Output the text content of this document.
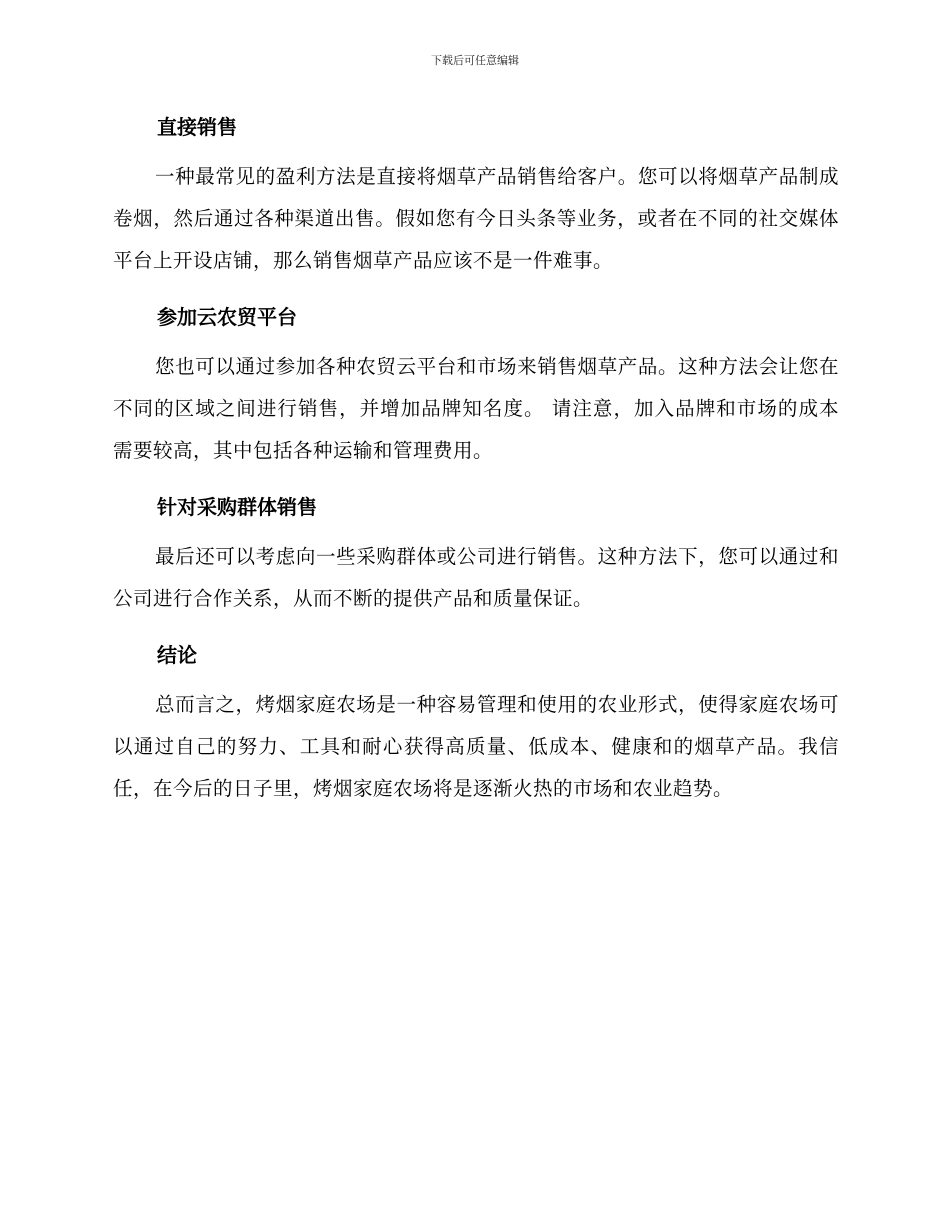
下载后可任意编辑
直接销售

一种最常见的盈利方法是直接将烟草产品销售给客户。您可以将烟草产品制成卷烟，然后通过各种渠道出售。假如您有今日头条等业务，或者在不同的社交媒体平台上开设店铺，那么销售烟草产品应该不是一件难事。

参加云农贸平台

您也可以通过参加各种农贸云平台和市场来销售烟草产品。这种方法会让您在不同的区域之间进行销售，并增加品牌知名度。 请注意，加入品牌和市场的成本需要较高，其中包括各种运输和管理费用。

针对采购群体销售

最后还可以考虑向一些采购群体或公司进行销售。这种方法下，您可以通过和公司进行合作关系，从而不断的提供产品和质量保证。

结论

总而言之，烤烟家庭农场是一种容易管理和使用的农业形式，使得家庭农场可以通过自己的努力、工具和耐心获得高质量、低成本、健康和的烟草产品。我信任，在今后的日子里，烤烟家庭农场将是逐渐火热的市场和农业趋势。
